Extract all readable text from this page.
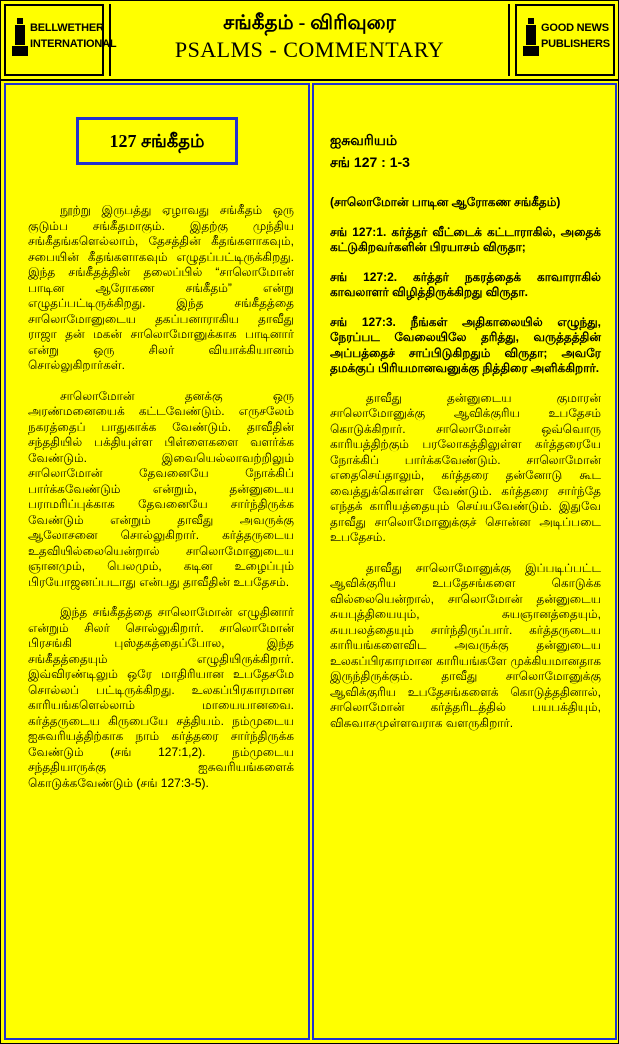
BELLWETHER
INTERNATIONAL
சங்கீதம் - விரிவுரை
PSALMS - COMMENTARY
GOOD NEWS
PUBLISHERS
127 சங்கீதம்

நூற்று இருபத்து ஏழாவது சங்கீதம் ஒரு குடும்ப சங்கீதமாகும். இதற்கு முந்திய சங்கீதங்களெல்லாம், தேசத்தின் கீதங்களாகவும், சபையின் கீதங்களாகவும் எழுதப்பட்டிருக்கிறது. இந்த சங்கீதத்தின் தலைப்பில் “சாலொமோன் பாடின ஆரோகண சங்கீதம்” என்று எழுதப்பட்டிருக்கிறது. இந்த சங்கீதத்தை சாலொமோனுடைய தகப்பனாராகிய தாவீது ராஜா தன் மகன் சாலொமோனுக்காக பாடினார் என்று ஒரு சிலர் வியாக்கியானம் சொல்லுகிறார்கள்.

சாலொமோன் தனக்கு ஒரு அரண்மனையைக் கட்டவேண்டும். எருசலேம் நகரத்தைப் பாதுகாக்க வேண்டும். தாவீதின் சந்ததியில் பக்தியுள்ள பிள்ளைகளை வளர்க்க வேண்டும். இவையெல்லாவற்றிலும் சாலொமோன் தேவனையே நோக்கிப் பார்க்கவேண்டும் என்றும், தன்னுடைய பராமரிப்புக்காக தேவனையே சார்ந்திருக்க வேண்டும் என்றும் தாவீது அவருக்கு ஆலோசனை சொல்லுகிறார். கர்த்தருடைய உதவியில்லையென்றால் சாலொமோனுடைய ஞானமும், பெலமும், கடின உழைப்பும் பிரயோஜனப்படாது என்பது தாவீதின் உபதேசம்.

இந்த சங்கீதத்தை சாலொமோன் எழுதினார் என்றும் சிலர் சொல்லுகிறார். சாலொமோன் பிரசங்கி புஸ்தகத்தைப்போல, இந்த சங்கீதத்தையும் எழுதியிருக்கிறார். இவ்விரண்டிலும் ஒரே மாதிரியான உபதேசமே சொல்லப் பட்டிருக்கிறது. உலகப்பிரகாரமான காரியங்களெல்லாம் மாயையானவை. கர்த்தருடைய கிருபையே சத்தியம். நம்முடைய ஐசுவரியத்திற்காக நாம் கர்த்தரை சார்ந்திருக்க வேண்டும் (சங் 127:1,2). நம்முடைய சந்ததியாருக்கு ஐசுவரியங்களைக் கொடுக்கவேண்டும் (சங் 127:3-5).

ஐசுவரியம்
சங் 127 : 1-3

(சாலொமோன் பாடின ஆரோகண சங்கீதம்)

சங் 127:1. கர்த்தர் வீட்டைக் கட்டாராகில், அதைக் கட்டுகிறவர்களின் பிரயாசம் விருதா;

சங் 127:2. கர்த்தர் நகரத்தைக் காவாராகில் காவலாளர் விழித்திருக்கிறது விருதா.

சங் 127:3. நீங்கள் அதிகாலையில் எழுந்து, நேரப்பட வேலையிலே தரித்து, வருத்தத்தின் அப்பத்தைச் சாப்பிடுகிறதும் விருதா; அவரே தமக்குப் பிரியமானவனுக்கு நித்திரை அளிக்கிறார்.

தாவீது தன்னுடைய குமாரன் சாலொமோனுக்கு ஆவிக்குரிய உபதேசம் கொடுக்கிறார். சாலொமோன் ஒவ்வொரு காரியத்திற்கும் பரலோகத்திலுள்ள கர்த்தரையே நோக்கிப் பார்க்கவேண்டும். சாலொமோன் எதைசெய்தாலும், கர்த்தரை தன்னோடு கூட வைத்துக்கொள்ள வேண்டும். கர்த்தரை சார்ந்தே எந்தக் காரியத்தையும் செய்யவேண்டும். இதுவே தாவீது சாலொமோனுக்குச் சொன்ன அடிப்படை உபதேசம்.

தாவீது சாலொமோனுக்கு இப்படிப்பட்ட ஆவிக்குரிய உபதேசங்களை கொடுக்க வில்லையென்றால், சாலொமோன் தன்னுடைய சுயபுத்தியையும், சுயஞானத்தையும், சுயபலத்தையும் சார்ந்திருப்பார். கர்த்தருடைய காரியங்களைவிட அவருக்கு தன்னுடைய உலகப்பிரகாரமான காரியங்களே முக்கியமானதாக இருந்திருக்கும். தாவீது சாலொமோனுக்கு ஆவிக்குரிய உபதேசங்களைக் கொடுத்ததினால், சாலொமோன் கர்த்தரிடத்தில் பயபக்தியும், விசுவாசமுள்ளவராக வளருகிறார்.
